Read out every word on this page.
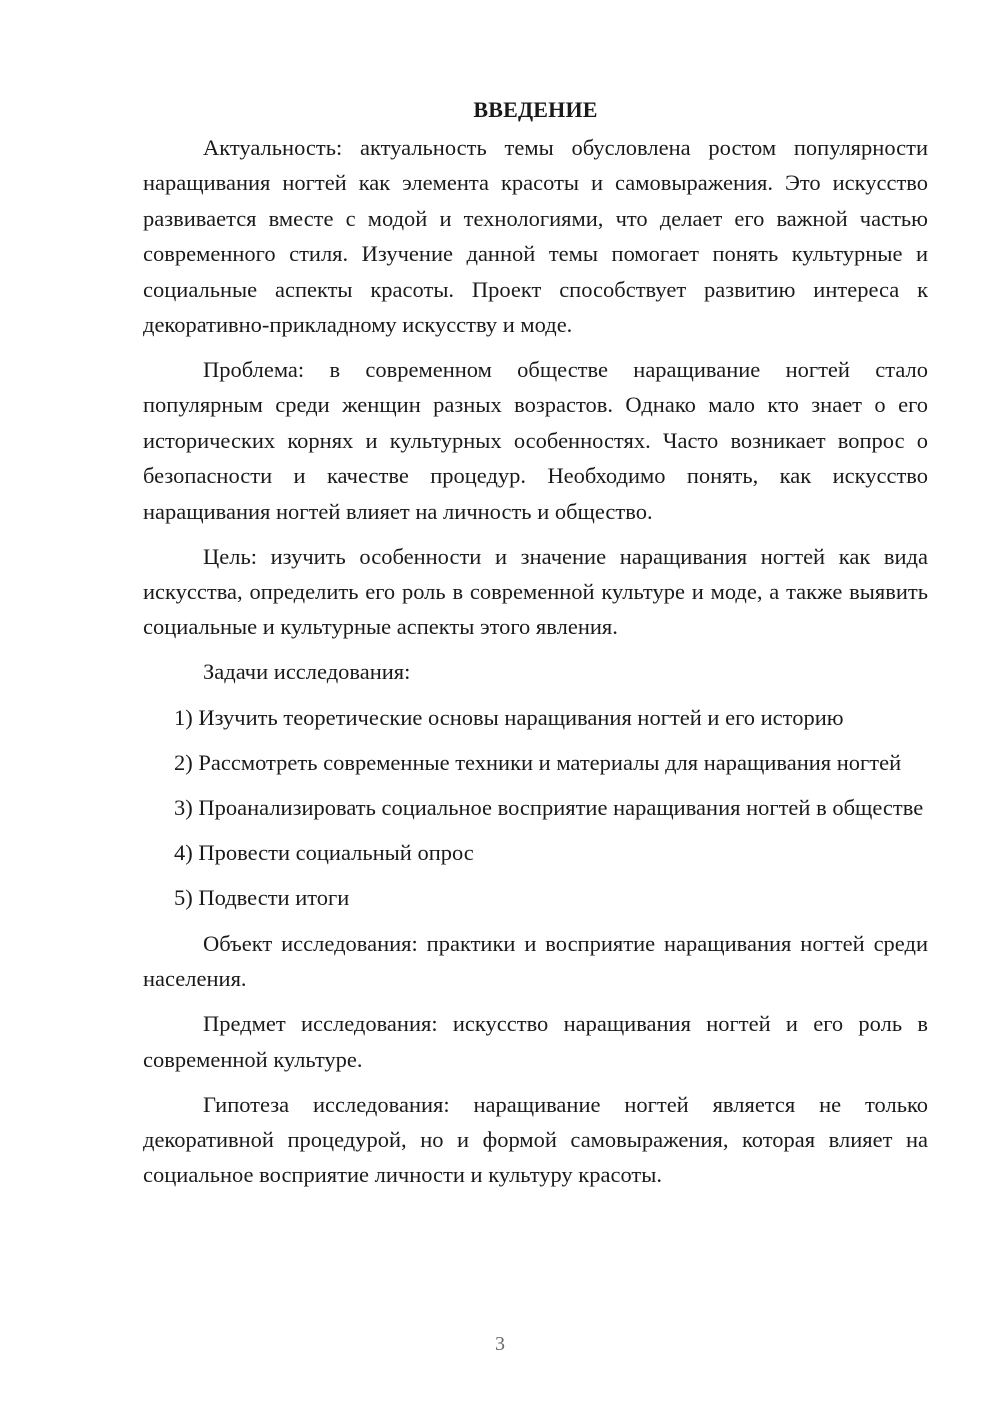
ВВЕДЕНИЕ

Актуальность: актуальность темы обусловлена ростом популярности наращивания ногтей как элемента красоты и самовыражения. Это искусство развивается вместе с модой и технологиями, что делает его важной частью современного стиля. Изучение данной темы помогает понять культурные и социальные аспекты красоты. Проект способствует развитию интереса к декоративно-прикладному искусству и моде.

Проблема: в современном обществе наращивание ногтей стало популярным среди женщин разных возрастов. Однако мало кто знает о его исторических корнях и культурных особенностях. Часто возникает вопрос о безопасности и качестве процедур. Необходимо понять, как искусство наращивания ногтей влияет на личность и общество.

Цель: изучить особенности и значение наращивания ногтей как вида искусства, определить его роль в современной культуре и моде, а также выявить социальные и культурные аспекты этого явления.

Задачи исследования:

1) Изучить теоретические основы наращивания ногтей и его историю

2) Рассмотреть современные техники и материалы для наращивания ногтей

3) Проанализировать социальное восприятие наращивания ногтей в обществе

4) Провести социальный опрос

5) Подвести итоги

Объект исследования: практики и восприятие наращивания ногтей среди населения.

Предмет исследования: искусство наращивания ногтей и его роль в современной культуре.

Гипотеза исследования: наращивание ногтей является не только декоративной процедурой, но и формой самовыражения, которая влияет на социальное восприятие личности и культуру красоты.

3
